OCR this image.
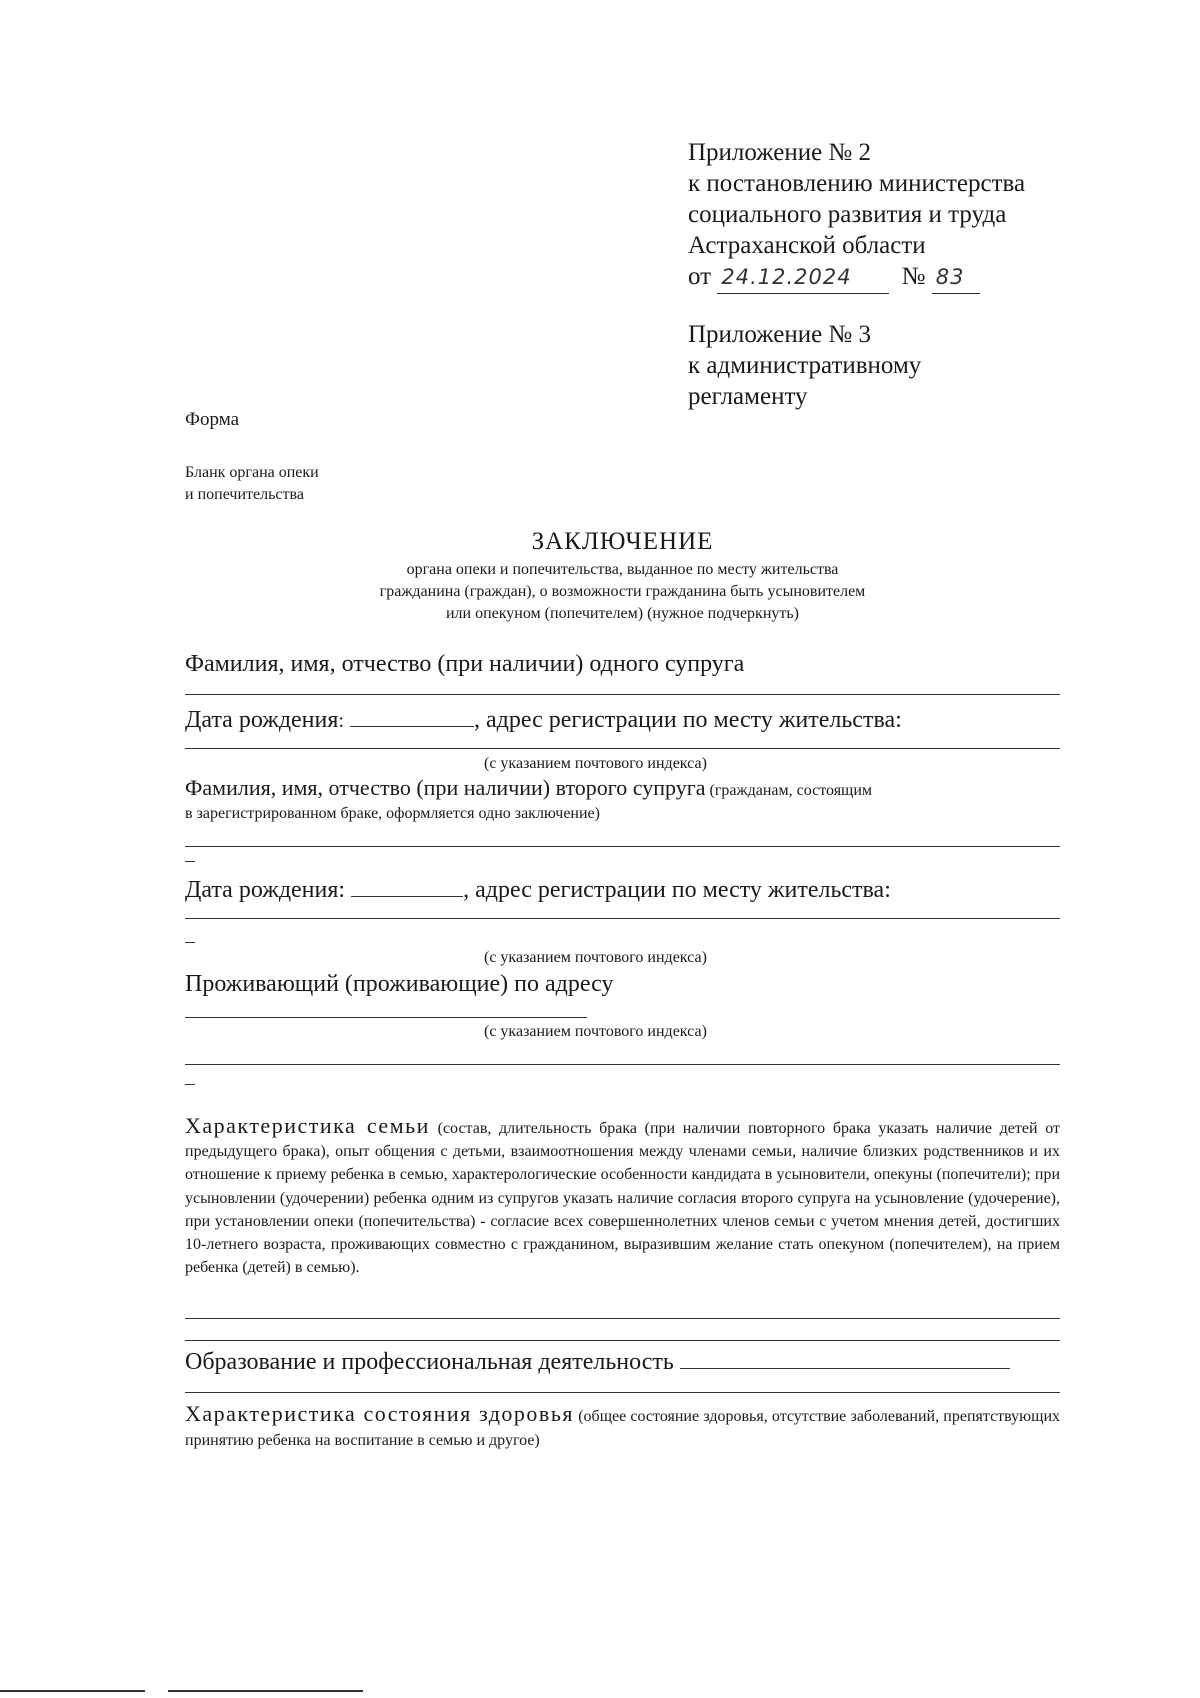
Приложение № 2
к постановлению министерства
социального развития и труда
Астраханской области
от 24.12.2024 № 83
Приложение № 3
к административному
регламенту
Форма
Бланк органа опеки
и попечительства
ЗАКЛЮЧЕНИЕ
органа опеки и попечительства, выданное по месту жительства
гражданина (граждан), о возможности гражданина быть усыновителем
или опекуном (попечителем) (нужное подчеркнуть)
Фамилия, имя, отчество (при наличии) одного супруга
Дата рождения:	, адрес регистрации по месту жительства:
(с указанием почтового индекса)
Фамилия, имя, отчество (при наличии) второго супруга (гражданам, состоящим
в зарегистрированном браке, оформляется одно заключение)
Дата рождения:	, адрес регистрации по месту жительства:
(с указанием почтового индекса)
Проживающий (проживающие) по адресу
(с указанием почтового индекса)
Характеристика семьи (состав, длительность брака (при наличии повторного брака указать наличие детей от предыдущего брака), опыт общения с детьми, взаимоотношения между членами семьи, наличие близких родственников и их отношение к приему ребенка в семью, характерологические особенности кандидата в усыновители, опекуны (попечители); при усыновлении (удочерении) ребенка одним из супругов указать наличие согласия второго супруга на усыновление (удочерение), при установлении опеки (попечительства) - согласие всех совершеннолетних членов семьи с учетом мнения детей, достигших 10-летнего возраста, проживающих совместно с гражданином, выразившим желание стать опекуном (попечителем), на прием ребенка (детей) в семью).
Образование и профессиональная деятельность
Характеристика состояния здоровья (общее состояние здоровья, отсутствие заболеваний, препятствующих принятию ребенка на воспитание в семью и другое)
